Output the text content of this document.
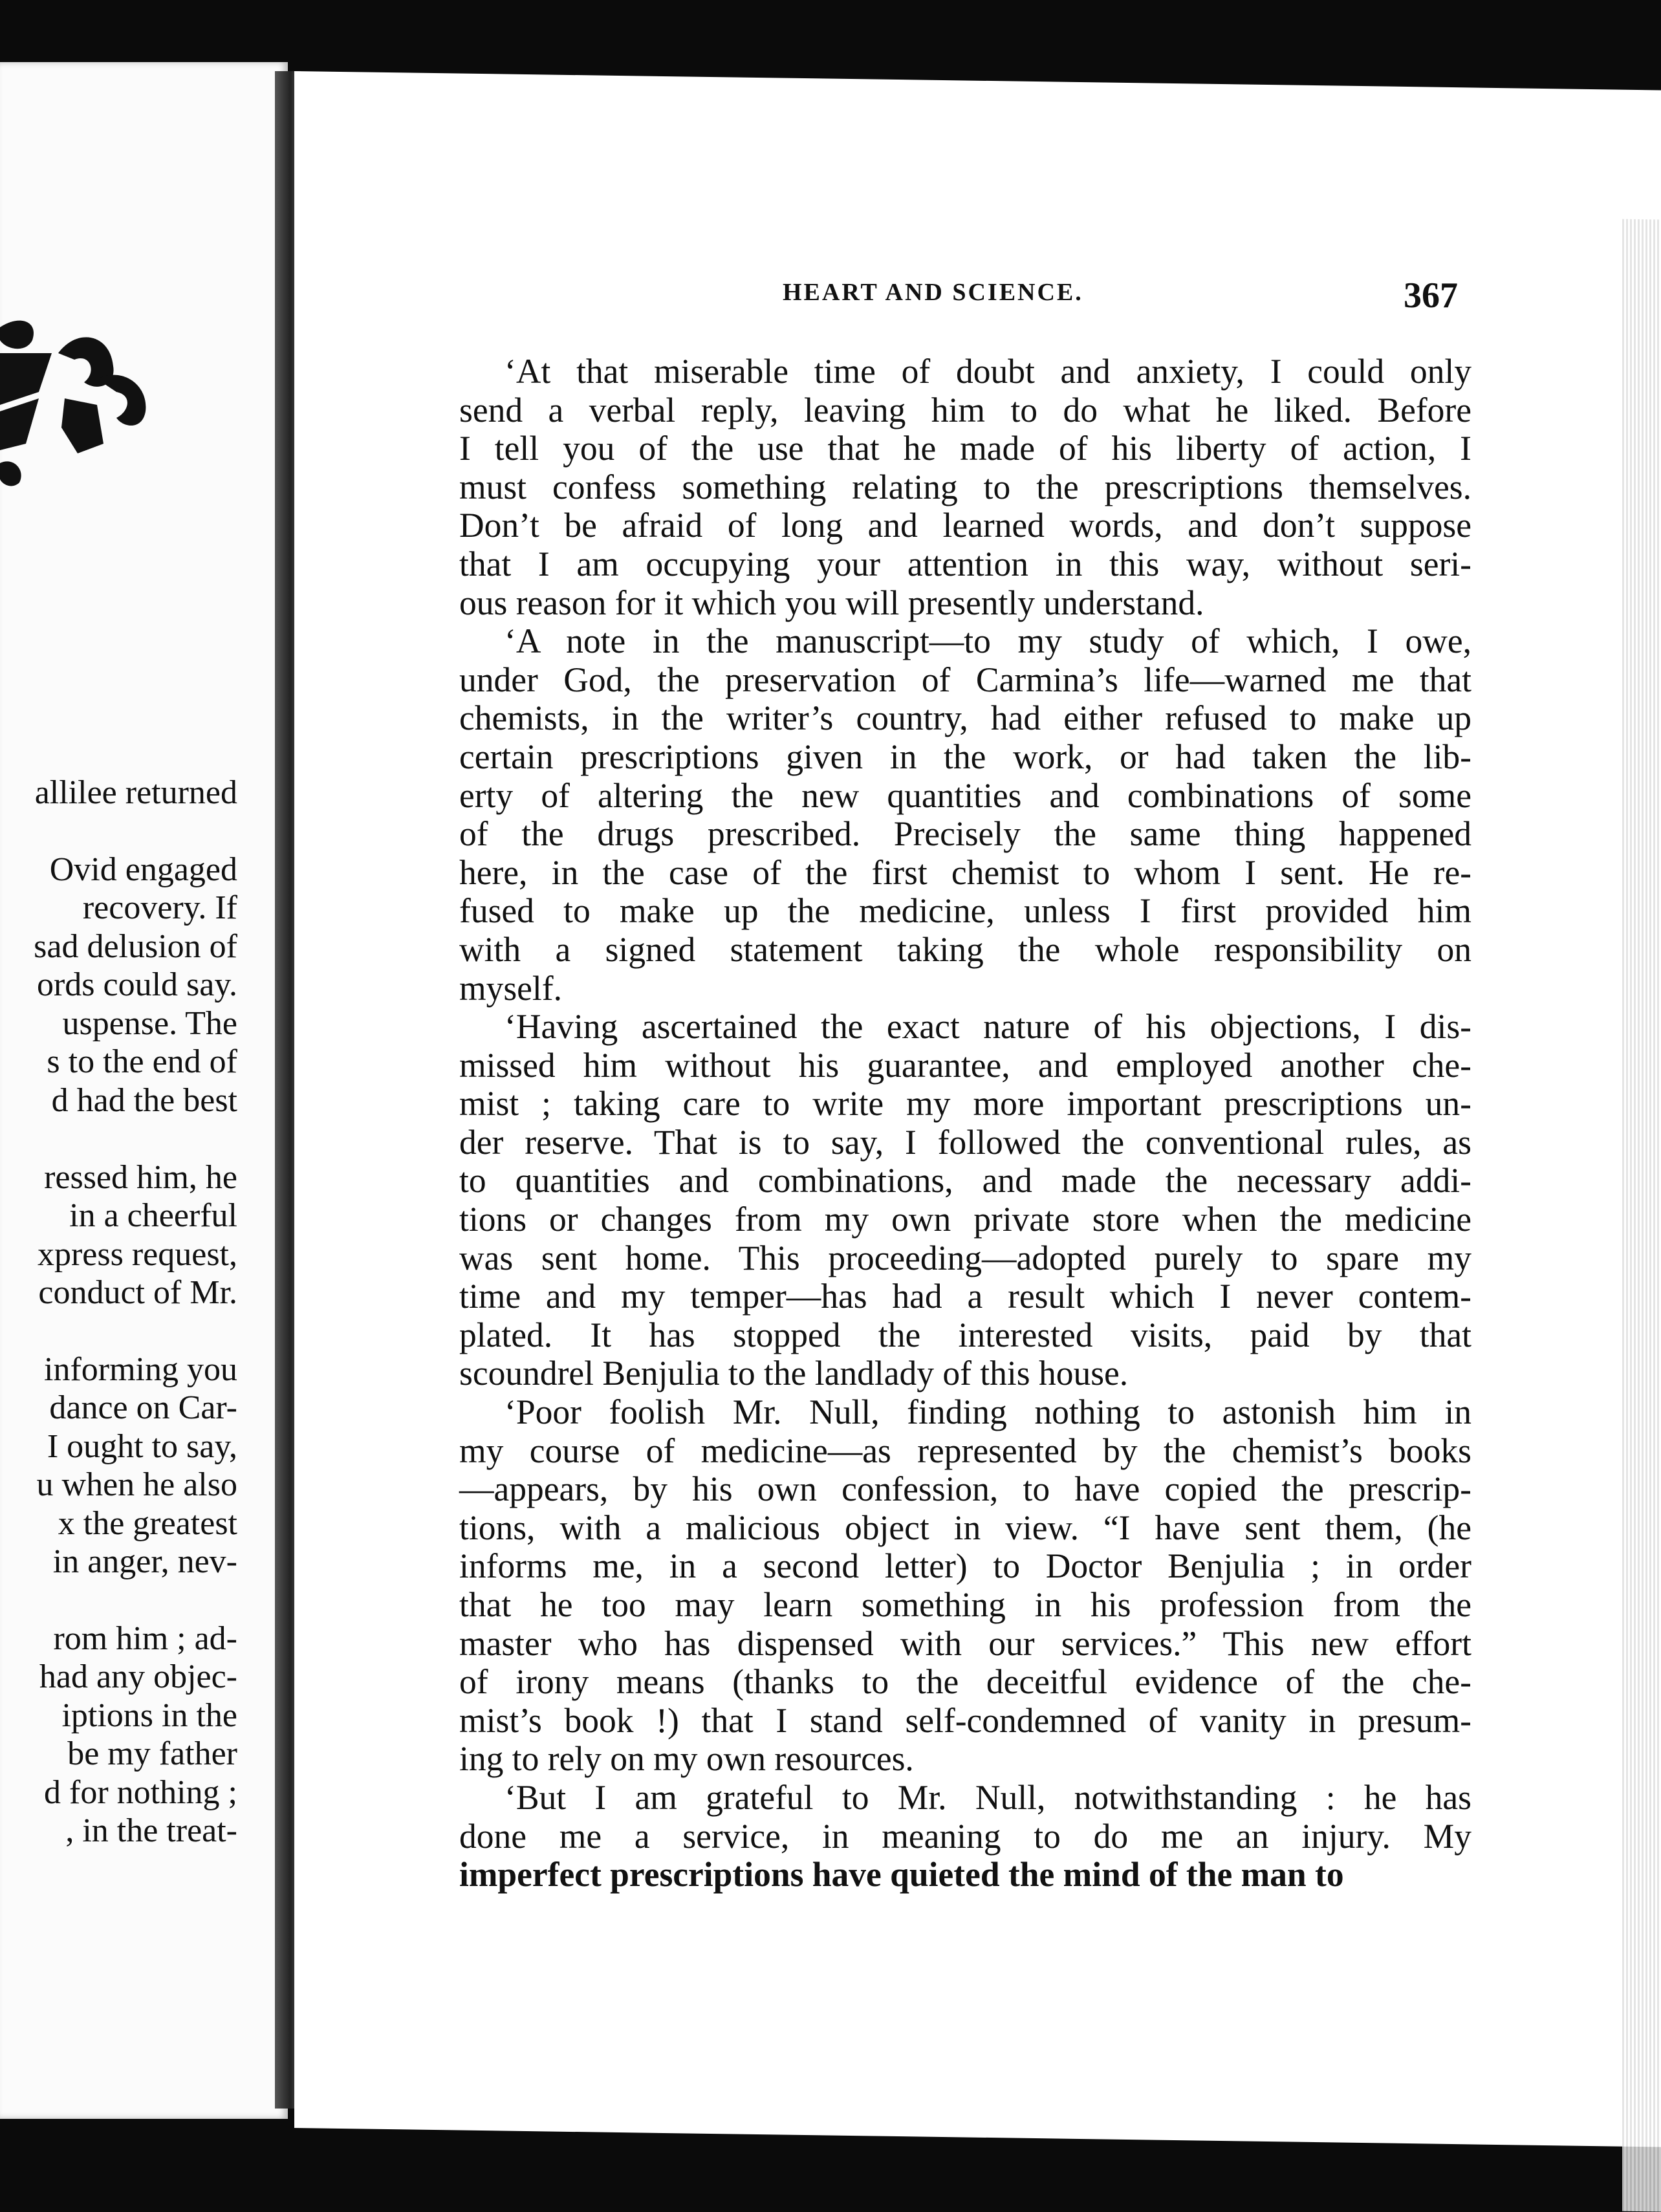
allilee returned
Ovid engaged
recovery. If
sad delusion of
ords could say.
uspense. The
s to the end of
d had the best
ressed him, he
in a cheerful
xpress request,
conduct of Mr.
informing you
dance on Car-
I ought to say,
u when he also
x the greatest
in anger, nev-
rom him ; ad-
had any objec-
iptions in the
be my father
d for nothing ;
, in the treat-
HEART AND SCIENCE.	367
‘At that miserable time of doubt and anxiety, I could only
send a verbal reply, leaving him to do what he liked. Before
I tell you of the use that he made of his liberty of action, I
must confess something relating to the prescriptions themselves.
Don’t be afraid of long and learned words, and don’t suppose
that I am occupying your attention in this way, without seri-
ous reason for it which you will presently understand.
‘A note in the manuscript—to my study of which, I owe,
under God, the preservation of Carmina’s life—warned me that
chemists, in the writer’s country, had either refused to make up
certain prescriptions given in the work, or had taken the lib-
erty of altering the new quantities and combinations of some
of the drugs prescribed. Precisely the same thing happened
here, in the case of the first chemist to whom I sent. He re-
fused to make up the medicine, unless I first provided him
with a signed statement taking the whole responsibility on
myself.
‘Having ascertained the exact nature of his objections, I dis-
missed him without his guarantee, and employed another che-
mist ; taking care to write my more important prescriptions un-
der reserve. That is to say, I followed the conventional rules, as
to quantities and combinations, and made the necessary addi-
tions or changes from my own private store when the medicine
was sent home. This proceeding—adopted purely to spare my
time and my temper—has had a result which I never contem-
plated. It has stopped the interested visits, paid by that
scoundrel Benjulia to the landlady of this house.
‘Poor foolish Mr. Null, finding nothing to astonish him in
my course of medicine—as represented by the chemist’s books
—appears, by his own confession, to have copied the prescrip-
tions, with a malicious object in view. “I have sent them, (he
informs me, in a second letter) to Doctor Benjulia ; in order
that he too may learn something in his profession from the
master who has dispensed with our services.” This new effort
of irony means (thanks to the deceitful evidence of the che-
mist’s book !) that I stand self-condemned of vanity in presum-
ing to rely on my own resources.
‘But I am grateful to Mr. Null, notwithstanding : he has
done me a service, in meaning to do me an injury. My
imperfect prescriptions have quieted the mind of the man to
